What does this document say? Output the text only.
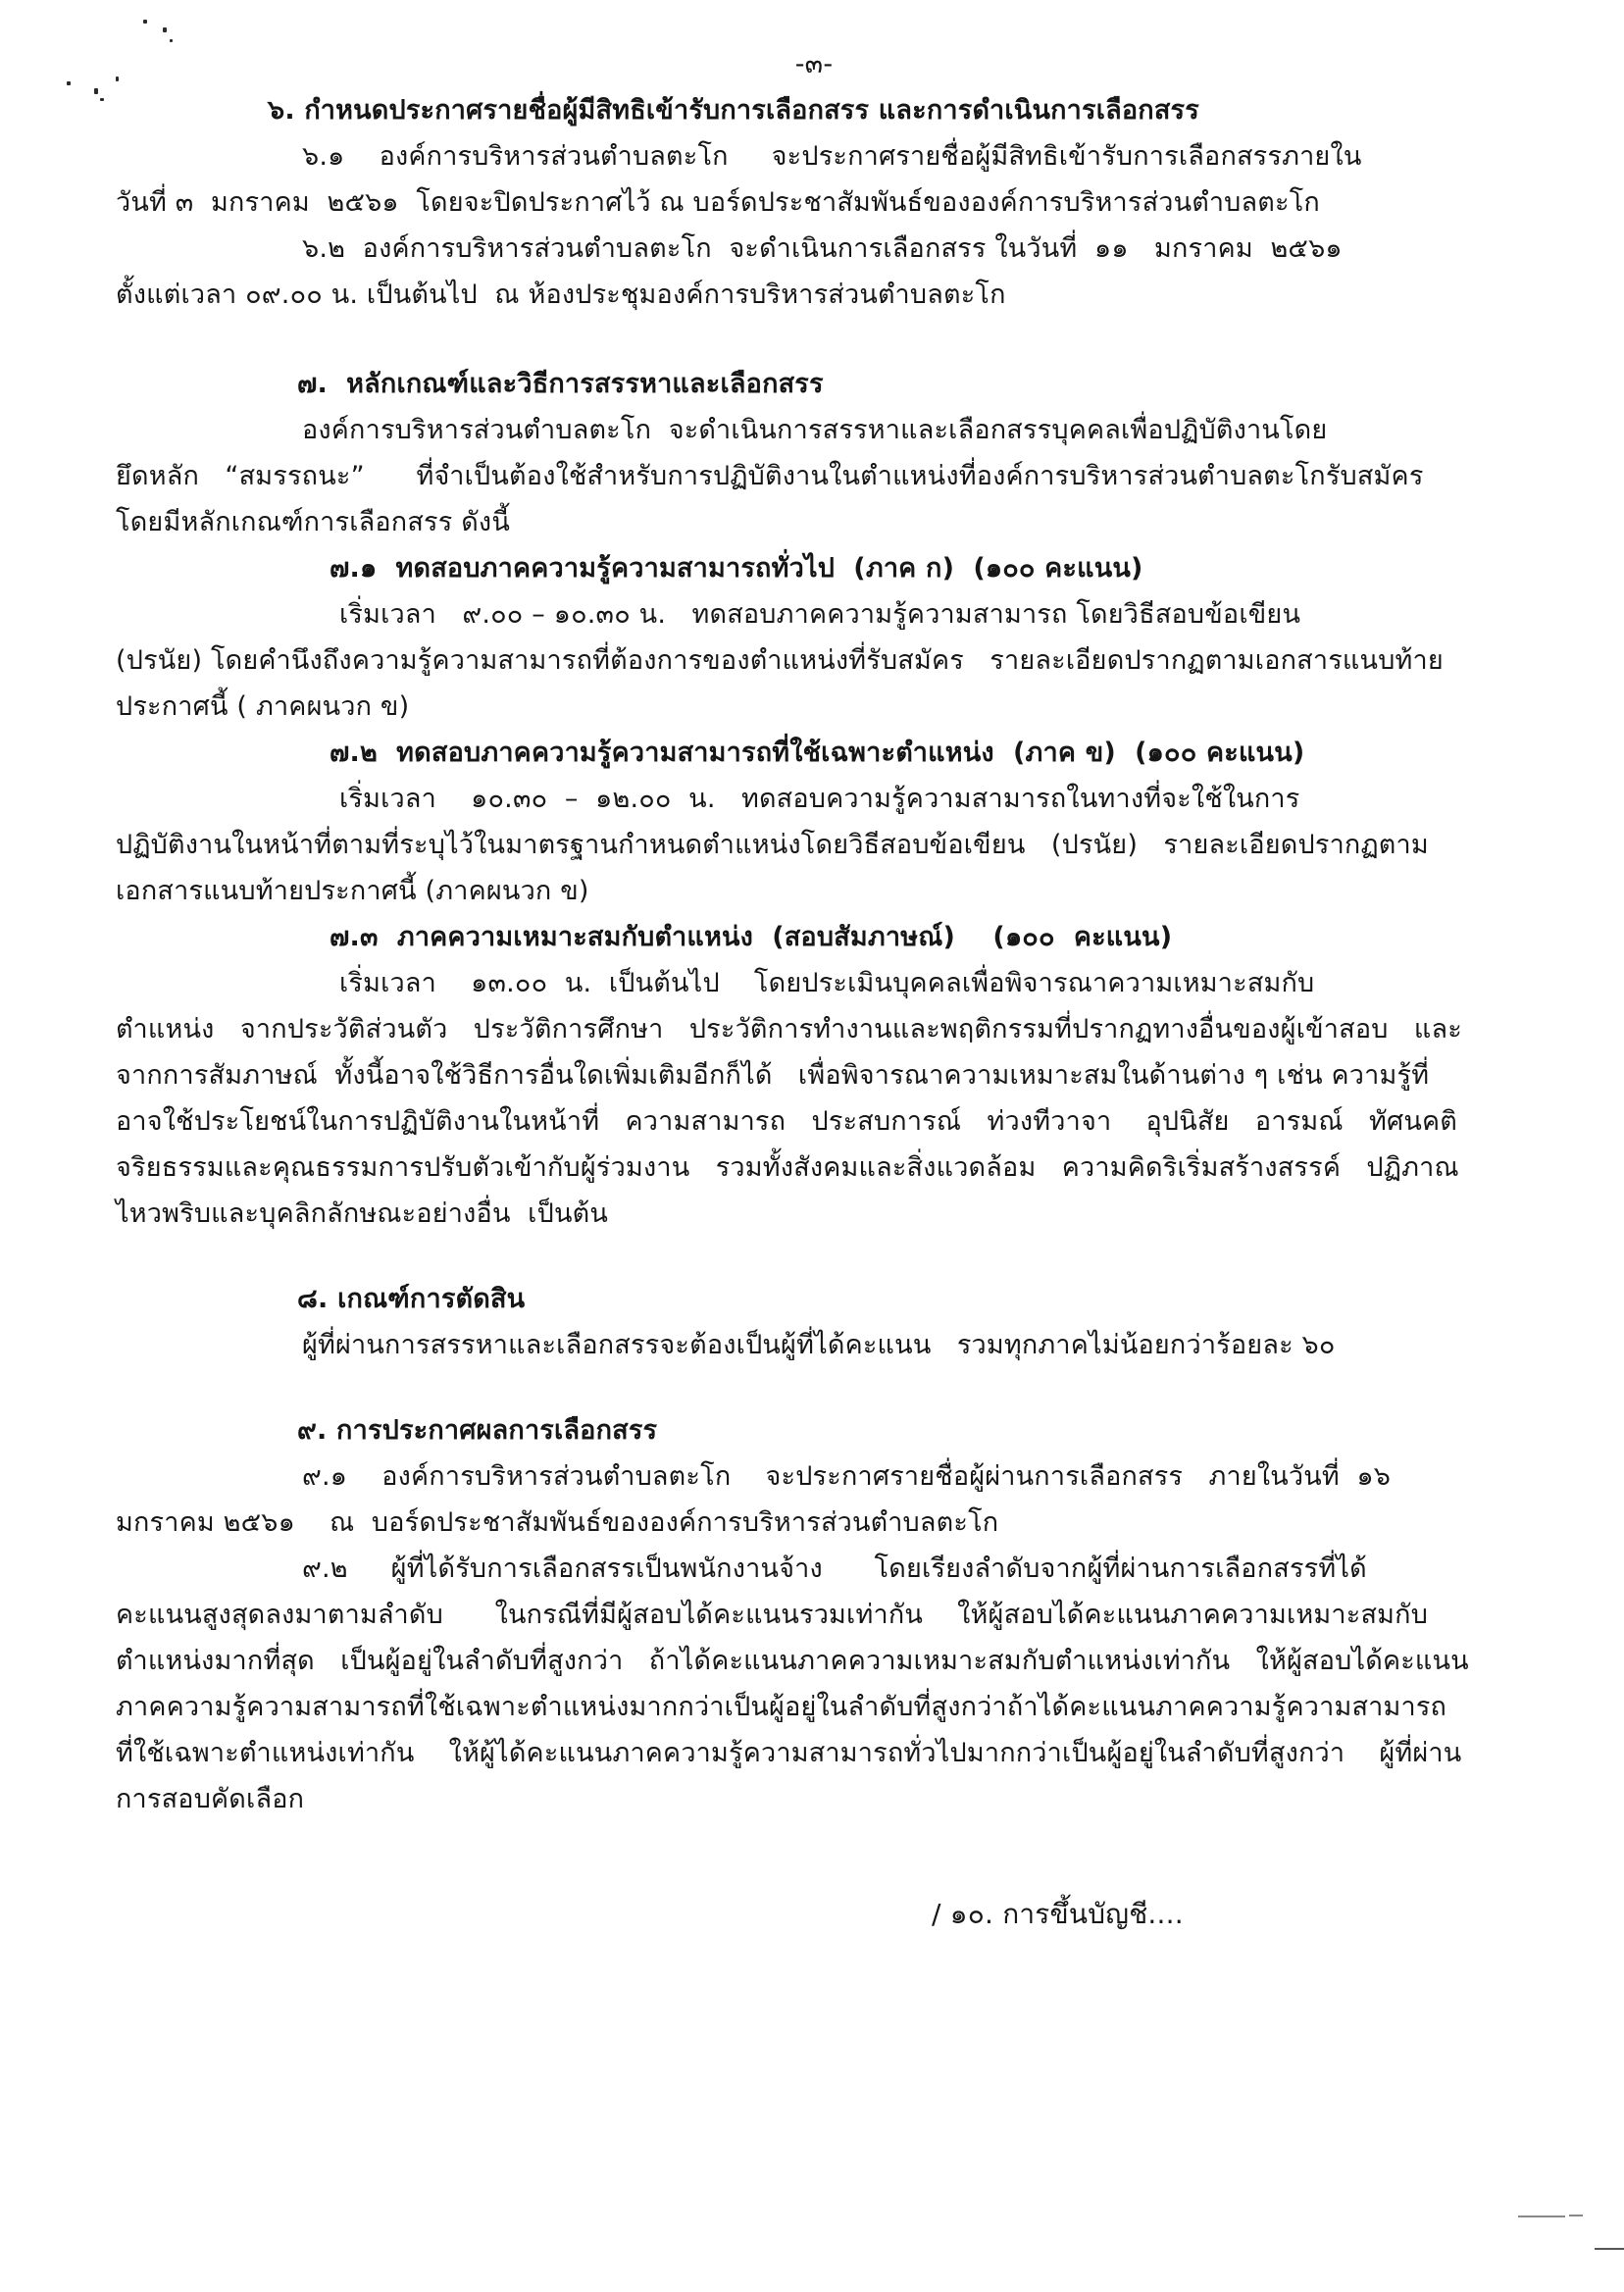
-๓-
๖. กำหนดประกาศรายชื่อผู้มีสิทธิเข้ารับการเลือกสรร และการดำเนินการเลือกสรร
๖.๑    องค์การบริหารส่วนตำบลตะโก     จะประกาศรายชื่อผู้มีสิทธิเข้ารับการเลือกสรรภายใน
วันที่ ๓  มกราคม  ๒๕๖๑  โดยจะปิดประกาศไว้ ณ บอร์ดประชาสัมพันธ์ขององค์การบริหารส่วนตำบลตะโก
๖.๒  องค์การบริหารส่วนตำบลตะโก  จะดำเนินการเลือกสรร ในวันที่  ๑๑   มกราคม  ๒๕๖๑
ตั้งแต่เวลา ๐๙.๐๐ น. เป็นต้นไป  ณ ห้องประชุมองค์การบริหารส่วนตำบลตะโก
๗.  หลักเกณฑ์และวิธีการสรรหาและเลือกสรร
องค์การบริหารส่วนตำบลตะโก  จะดำเนินการสรรหาและเลือกสรรบุคคลเพื่อปฏิบัติงานโดย
ยึดหลัก   “สมรรถนะ”      ที่จำเป็นต้องใช้สำหรับการปฏิบัติงานในตำแหน่งที่องค์การบริหารส่วนตำบลตะโกรับสมัคร
โดยมีหลักเกณฑ์การเลือกสรร ดังนี้
๗.๑  ทดสอบภาคความรู้ความสามารถทั่วไป  (ภาค ก)  (๑๐๐ คะแนน)
เริ่มเวลา   ๙.๐๐ – ๑๐.๓๐ น.   ทดสอบภาคความรู้ความสามารถ โดยวิธีสอบข้อเขียน
(ปรนัย) โดยคำนึงถึงความรู้ความสามารถที่ต้องการของตำแหน่งที่รับสมัคร   รายละเอียดปรากฏตามเอกสารแนบท้าย
ประกาศนี้ ( ภาคผนวก ข)
๗.๒  ทดสอบภาคความรู้ความสามารถที่ใช้เฉพาะตำแหน่ง  (ภาค ข)  (๑๐๐ คะแนน)
เริ่มเวลา    ๑๐.๓๐  –  ๑๒.๐๐  น.   ทดสอบความรู้ความสามารถในทางที่จะใช้ในการ
ปฏิบัติงานในหน้าที่ตามที่ระบุไว้ในมาตรฐานกำหนดตำแหน่งโดยวิธีสอบข้อเขียน   (ปรนัย)   รายละเอียดปรากฏตาม
เอกสารแนบท้ายประกาศนี้ (ภาคผนวก ข)
๗.๓  ภาคความเหมาะสมกับตำแหน่ง  (สอบสัมภาษณ์)    (๑๐๐  คะแนน)
เริ่มเวลา    ๑๓.๐๐  น.  เป็นต้นไป    โดยประเมินบุคคลเพื่อพิจารณาความเหมาะสมกับ
ตำแหน่ง   จากประวัติส่วนตัว   ประวัติการศึกษา   ประวัติการทำงานและพฤติกรรมที่ปรากฏทางอื่นของผู้เข้าสอบ   และ
จากการสัมภาษณ์  ทั้งนี้อาจใช้วิธีการอื่นใดเพิ่มเติมอีกก็ได้   เพื่อพิจารณาความเหมาะสมในด้านต่าง ๆ เช่น ความรู้ที่
อาจใช้ประโยชน์ในการปฏิบัติงานในหน้าที่   ความสามารถ   ประสบการณ์   ท่วงทีวาจา    อุปนิสัย   อารมณ์   ทัศนคติ
จริยธรรมและคุณธรรมการปรับตัวเข้ากับผู้ร่วมงาน   รวมทั้งสังคมและสิ่งแวดล้อม   ความคิดริเริ่มสร้างสรรค์   ปฏิภาณ
ไหวพริบและบุคลิกลักษณะอย่างอื่น  เป็นต้น
๘. เกณฑ์การตัดสิน
ผู้ที่ผ่านการสรรหาและเลือกสรรจะต้องเป็นผู้ที่ได้คะแนน   รวมทุกภาคไม่น้อยกว่าร้อยละ ๖๐
๙. การประกาศผลการเลือกสรร
๙.๑    องค์การบริหารส่วนตำบลตะโก    จะประกาศรายชื่อผู้ผ่านการเลือกสรร   ภายในวันที่  ๑๖
มกราคม ๒๕๖๑    ณ  บอร์ดประชาสัมพันธ์ขององค์การบริหารส่วนตำบลตะโก
๙.๒     ผู้ที่ได้รับการเลือกสรรเป็นพนักงานจ้าง      โดยเรียงลำดับจากผู้ที่ผ่านการเลือกสรรที่ได้
คะแนนสูงสุดลงมาตามลำดับ      ในกรณีที่มีผู้สอบได้คะแนนรวมเท่ากัน    ให้ผู้สอบได้คะแนนภาคความเหมาะสมกับ
ตำแหน่งมากที่สุด   เป็นผู้อยู่ในลำดับที่สูงกว่า   ถ้าได้คะแนนภาคความเหมาะสมกับตำแหน่งเท่ากัน   ให้ผู้สอบได้คะแนน
ภาคความรู้ความสามารถที่ใช้เฉพาะตำแหน่งมากกว่าเป็นผู้อยู่ในลำดับที่สูงกว่าถ้าได้คะแนนภาคความรู้ความสามารถ
ที่ใช้เฉพาะตำแหน่งเท่ากัน    ให้ผู้ได้คะแนนภาคความรู้ความสามารถทั่วไปมากกว่าเป็นผู้อยู่ในลำดับที่สูงกว่า    ผู้ที่ผ่าน
การสอบคัดเลือก
/ ๑๐. การขึ้นบัญชี....
